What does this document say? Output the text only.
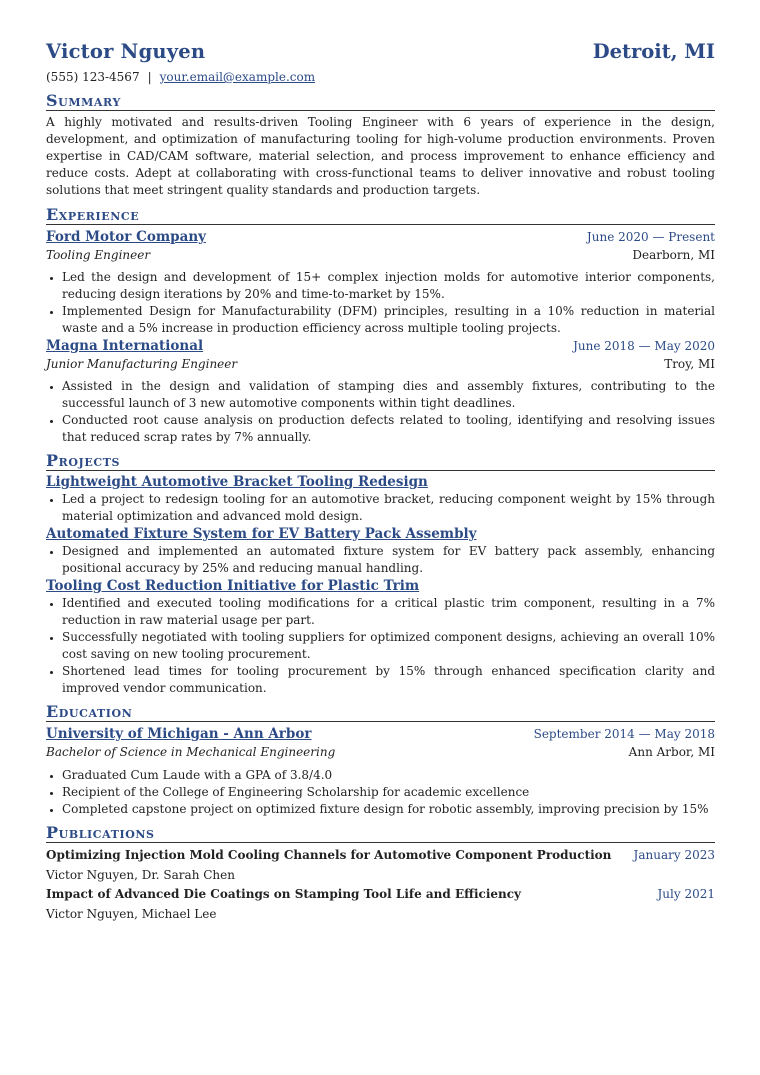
Victor Nguyen	Detroit, MI
(555) 123-4567 | your.email@example.com
Summary
A highly motivated and results-driven Tooling Engineer with 6 years of experience in the design, development, and optimization of manufacturing tooling for high-volume production environments. Proven expertise in CAD/CAM software, material selection, and process improvement to enhance efficiency and reduce costs. Adept at collaborating with cross-functional teams to deliver innovative and robust tooling solutions that meet stringent quality standards and production targets.
Experience
Ford Motor Company	June 2020 — Present
Tooling Engineer	Dearborn, MI
• Led the design and development of 15+ complex injection molds for automotive interior components, reducing design iterations by 20% and time-to-market by 15%.
• Implemented Design for Manufacturability (DFM) principles, resulting in a 10% reduction in material waste and a 5% increase in production efficiency across multiple tooling projects.
Magna International	June 2018 — May 2020
Junior Manufacturing Engineer	Troy, MI
• Assisted in the design and validation of stamping dies and assembly fixtures, contributing to the successful launch of 3 new automotive components within tight deadlines.
• Conducted root cause analysis on production defects related to tooling, identifying and resolving issues that reduced scrap rates by 7% annually.
Projects
Lightweight Automotive Bracket Tooling Redesign
• Led a project to redesign tooling for an automotive bracket, reducing component weight by 15% through material optimization and advanced mold design.
Automated Fixture System for EV Battery Pack Assembly
• Designed and implemented an automated fixture system for EV battery pack assembly, enhancing positional accuracy by 25% and reducing manual handling.
Tooling Cost Reduction Initiative for Plastic Trim
• Identified and executed tooling modifications for a critical plastic trim component, resulting in a 7% reduction in raw material usage per part.
• Successfully negotiated with tooling suppliers for optimized component designs, achieving an overall 10% cost saving on new tooling procurement.
• Shortened lead times for tooling procurement by 15% through enhanced specification clarity and improved vendor communication.
Education
University of Michigan - Ann Arbor	September 2014 — May 2018
Bachelor of Science in Mechanical Engineering	Ann Arbor, MI
• Graduated Cum Laude with a GPA of 3.8/4.0
• Recipient of the College of Engineering Scholarship for academic excellence
• Completed capstone project on optimized fixture design for robotic assembly, improving precision by 15%
Publications
Optimizing Injection Mold Cooling Channels for Automotive Component Production January 2023
Victor Nguyen, Dr. Sarah Chen
Impact of Advanced Die Coatings on Stamping Tool Life and Efficiency	July 2021
Victor Nguyen, Michael Lee
